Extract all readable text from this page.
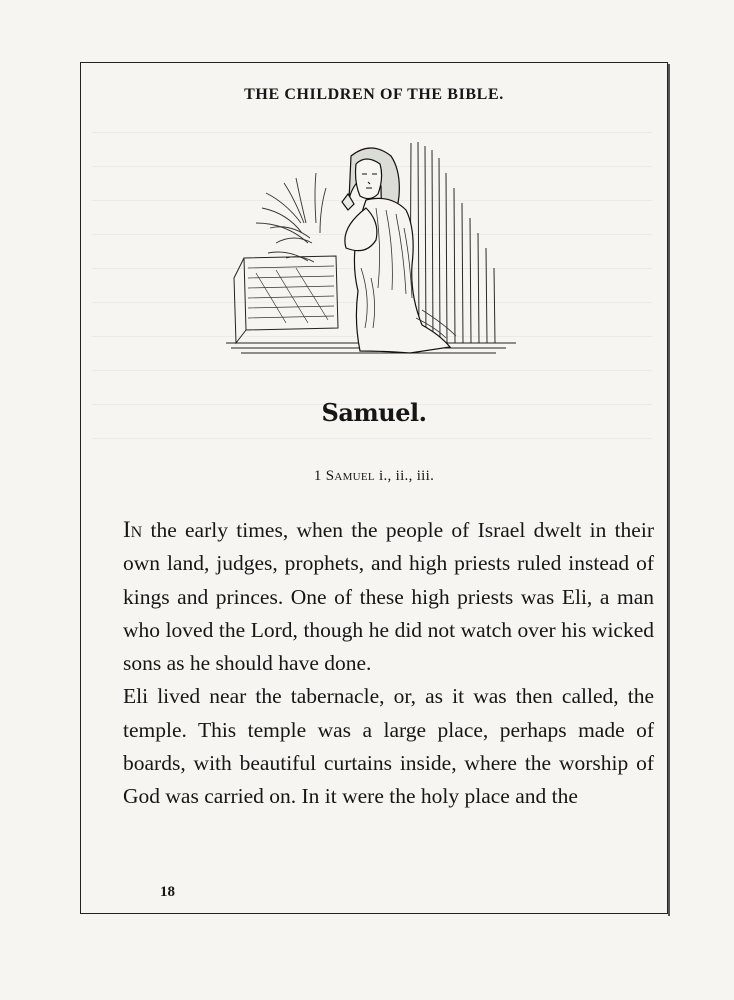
THE CHILDREN OF THE BIBLE.
Samuel.
1 Samuel i., ii., iii.

In the early times, when the people of Israel dwelt in their own land, judges, prophets, and high priests ruled instead of kings and princes. One of these high priests was Eli, a man who loved the Lord, though he did not watch over his wicked sons as he should have done.

Eli lived near the tabernacle, or, as it was then called, the temple. This temple was a large place, perhaps made of boards, with beautiful curtains inside, where the worship of God was carried on. In it were the holy place and the

18
